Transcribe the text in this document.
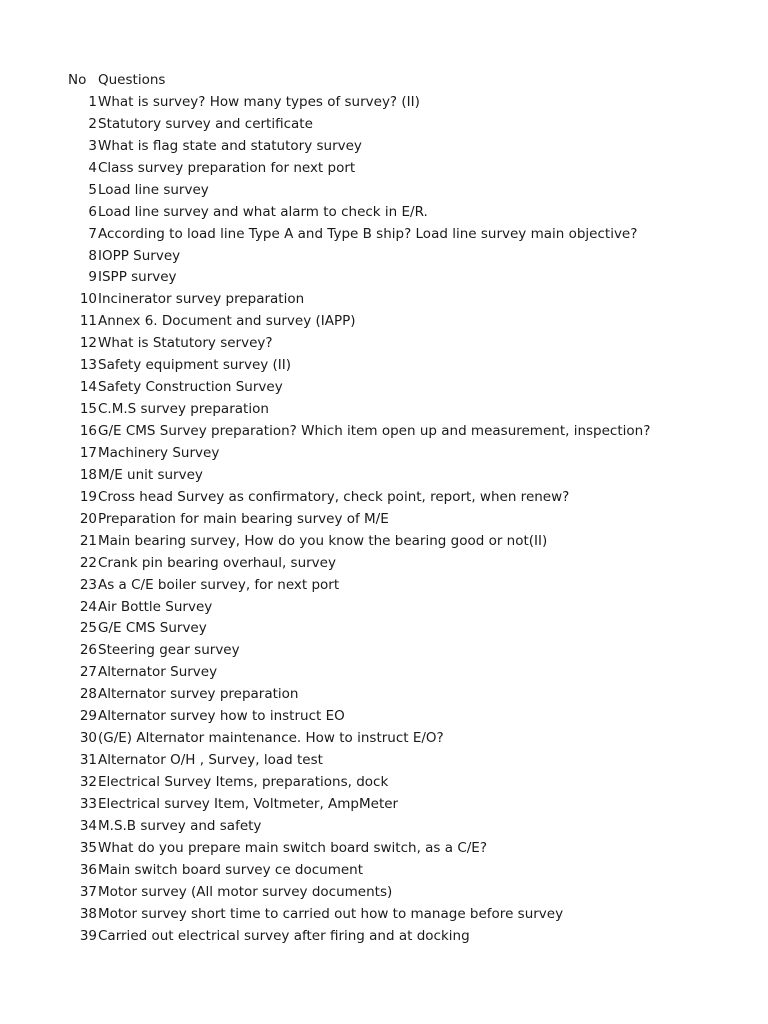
No Questions
1 What is survey? How many types of survey? (II)
2 Statutory survey and certificate
3 What is flag state and statutory survey
4 Class survey preparation for next port
5 Load line survey
6 Load line survey and what alarm to check in E/R.
7 According to load line Type A and Type B ship? Load line survey main objective?
8 IOPP Survey
9 ISPP survey
10 Incinerator survey preparation
11 Annex 6. Document and survey (IAPP)
12 What is Statutory servey?
13 Safety equipment survey (II)
14 Safety Construction Survey
15 C.M.S survey preparation
16 G/E CMS Survey preparation? Which item open up and measurement, inspection?
17 Machinery Survey
18 M/E unit survey
19 Cross head Survey as confirmatory, check point, report, when renew?
20 Preparation for main bearing survey of M/E
21 Main bearing survey, How do you know the bearing good or not(II)
22 Crank pin bearing overhaul, survey
23 As a C/E boiler survey, for next port
24 Air Bottle Survey
25 G/E CMS Survey
26 Steering gear survey
27 Alternator Survey
28 Alternator survey preparation
29 Alternator survey how to instruct EO
30 (G/E) Alternator maintenance. How to instruct E/O?
31 Alternator O/H , Survey, load test
32 Electrical Survey Items, preparations, dock
33 Electrical survey Item, Voltmeter, AmpMeter
34 M.S.B survey and safety
35 What do you prepare main switch board switch, as a C/E?
36 Main switch board survey ce document
37 Motor survey (All motor survey documents)
38 Motor survey short time to carried out how to manage before survey
39 Carried out electrical survey after firing and at docking
